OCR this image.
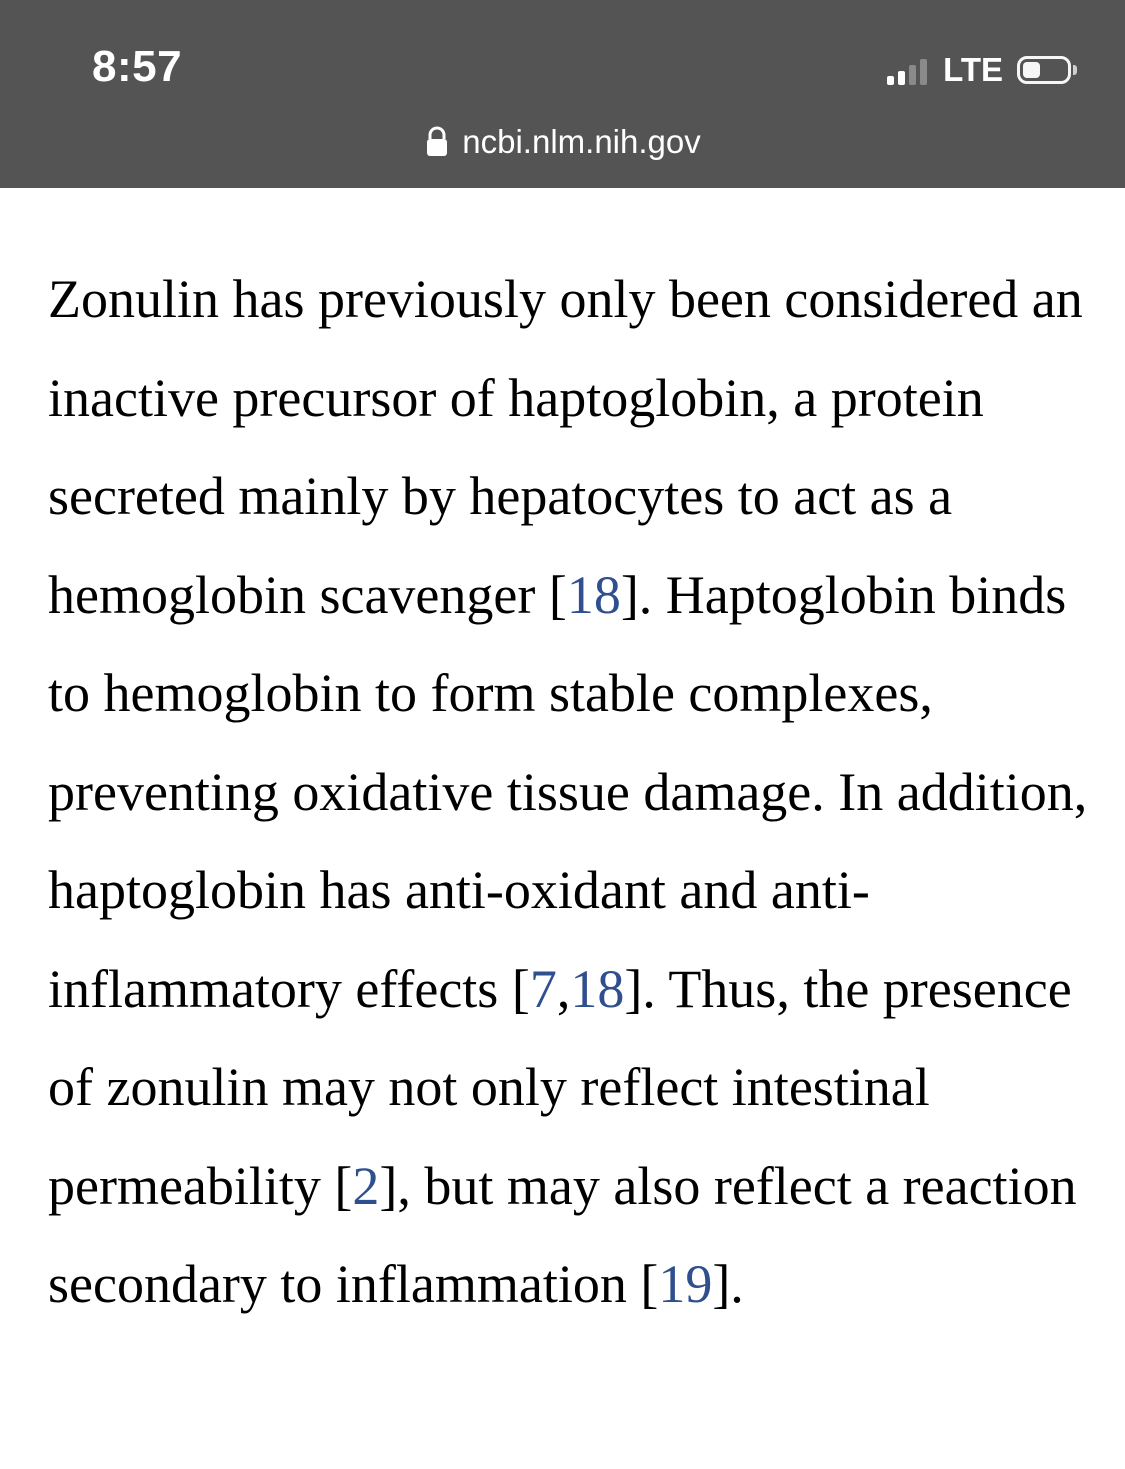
8:57	LTE
ncbi.nlm.nih.gov

Zonulin has previously only been considered an inactive precursor of haptoglobin, a protein secreted mainly by hepatocytes to act as a hemoglobin scavenger [18]. Haptoglobin binds to hemoglobin to form stable complexes, preventing oxidative tissue damage. In addition, haptoglobin has anti-oxidant and anti-inflammatory effects [7,18]. Thus, the presence of zonulin may not only reflect intestinal permeability [2], but may also reflect a reaction secondary to inflammation [19].
